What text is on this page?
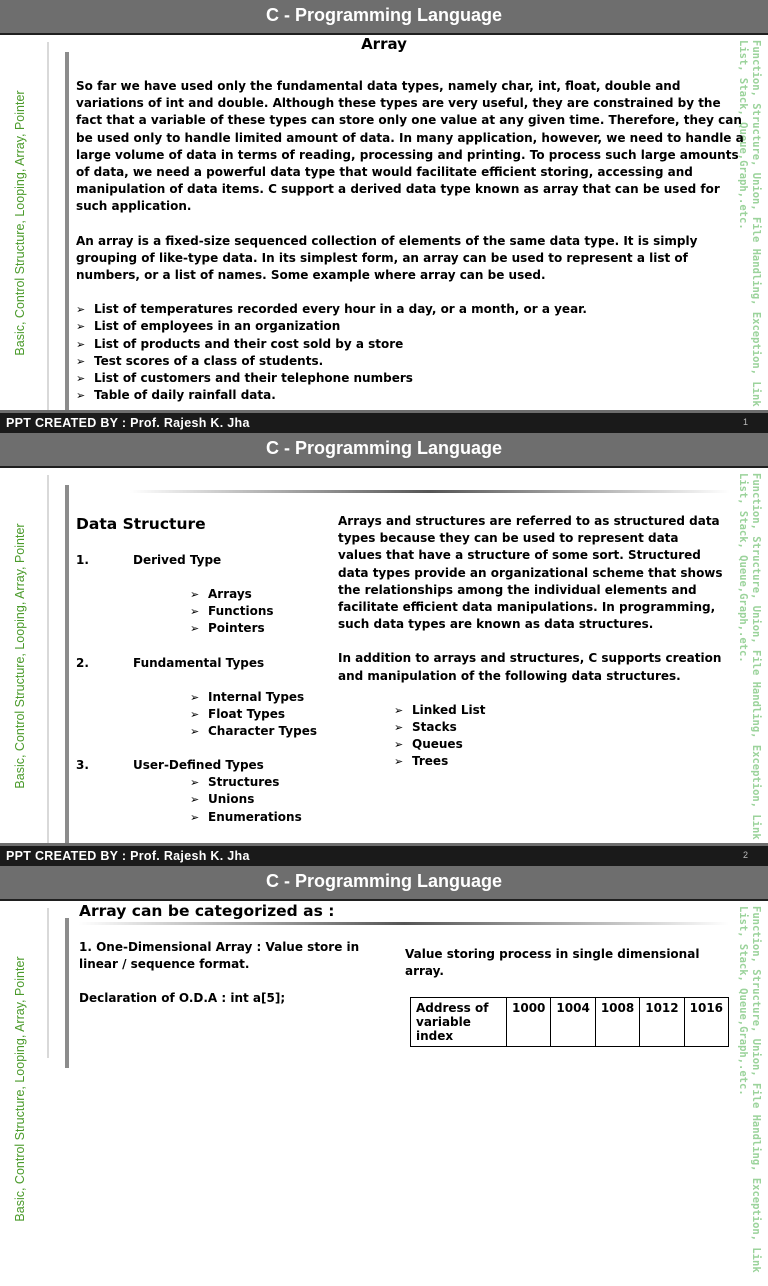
C - Programming Language
Basic, Control Structure, Looping, Array, Pointer	Function, Structure, Union, File Handling, Exception, Link List, Stack, Queue,Graph,.etc.
Array
So far we have used only the fundamental data types, namely char, int, float, double and variations of int and double. Although these types are very useful, they are constrained by the fact that a variable of these types can store only one value at any given time. Therefore, they can be used only to handle limited amount of data. In many application, however, we need to handle a large volume of data in terms of reading, processing and printing. To process such large amounts of data, we need a powerful data type that would facilitate efficient storing, accessing and manipulation of data items. C support a derived data type known as array that can be used for such application.
An array is a fixed-size sequenced collection of elements of the same data type. It is simply grouping of like-type data. In its simplest form, an array can be used to represent a list of numbers, or a list of names. Some example where array can be used.
➢ List of temperatures recorded every hour in a day, or a month, or a year.
➢ List of employees in an organization
➢ List of products and their cost sold by a store
➢ Test scores of a class of students.
➢ List of customers and their telephone numbers
➢ Table of daily rainfall data.
PPT CREATED BY : Prof. Rajesh K. Jha	1
C - Programming Language
Basic, Control Structure, Looping, Array, Pointer	Function, Structure, Union, File Handling, Exception, Link List, Stack, Queue,Graph,.etc.
Data Structure
1.	Derived Type
➢ Arrays
➢ Functions
➢ Pointers
2.	Fundamental Types
➢ Internal Types
➢ Float Types
➢ Character Types
3.	User-Defined Types
➢ Structures
➢ Unions
➢ Enumerations
Arrays and structures are referred to as structured data types because they can be used to represent data values that have a structure of some sort. Structured data types provide an organizational scheme that shows the relationships among the individual elements and facilitate efficient data manipulations. In programming, such data types are known as data structures.
In addition to arrays and structures, C supports creation and manipulation of the following data structures.
➢ Linked List
➢ Stacks
➢ Queues
➢ Trees
PPT CREATED BY : Prof. Rajesh K. Jha	2
C - Programming Language
Basic, Control Structure, Looping, Array, Pointer	Function, Structure, Union, File Handling, Exception, Link List, Stack, Queue,Graph,.etc.
Array can be categorized as :
1. One-Dimensional Array : Value store in linear / sequence format.
Declaration of O.D.A : int a[5];
Value storing process in single dimensional array.
Address of variable index	1000	1004	1008	1012	1016
